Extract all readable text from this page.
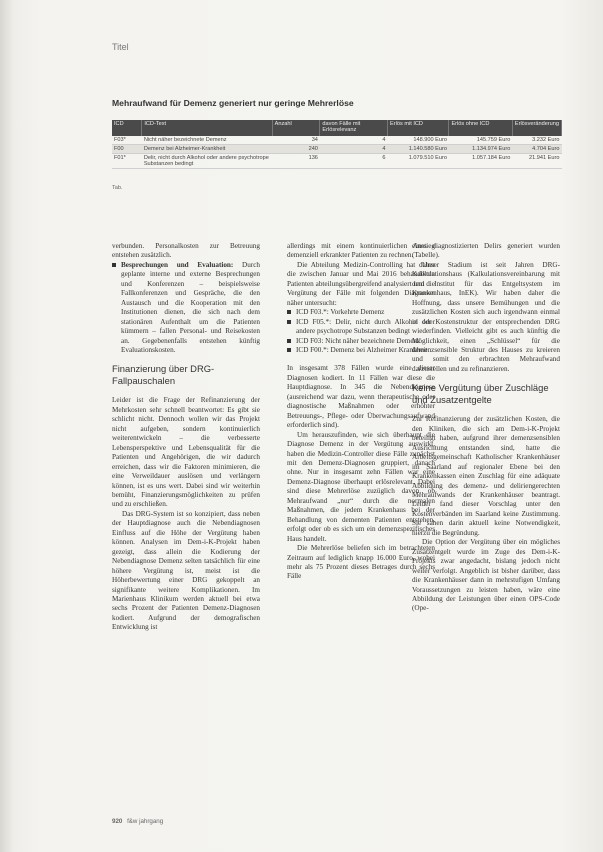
Titel
Mehraufwand für Demenz generiert nur geringe Mehrerlöse
ICD	ICD-Text	Anzahl	davon Fälle mit Erlösrelevanz	Erlös mit ICD	Erlös ohne ICD	Erlösveränderung
F03*	Nicht näher bezeichnete Demenz	34	4	148.900 Euro	145.759 Euro	3.232 Euro
F00	Demenz bei Alzheimer-Krankheit	240	4	1.140.580 Euro	1.134.974 Euro	4.704 Euro
F01*	Delir, nicht durch Alkohol oder andere psychotrope Substanzen bedingt	136	6	1.079.510 Euro	1.057.184 Euro	21.941 Euro
Tab.

verbunden. Personalkosten zur Betreuung entstehen zusätzlich.

Besprechungen und Evaluation: Durch geplante interne und externe Besprechungen und Konferenzen – beispielsweise Fallkonferenzen und Gespräche, die den Austausch und die Kooperation mit den Institutionen dienen, die sich nach dem stationären Aufenthalt um die Patienten kümmern – fallen Personal- und Reisekosten an. Gegebenenfalls entstehen künftig Evaluationskosten.
Finanzierung über DRG-Fallpauschalen

Leider ist die Frage der Refinanzierung der Mehrkosten sehr schnell beantwortet: Es gibt sie schlicht nicht. Dennoch wollen wir das Projekt nicht aufgeben, sondern kontinuierlich weiterentwickeln – die verbesserte Lebensperspektive und Lebensqualität für die Patienten und Angehörigen, die wir dadurch erreichen, dass wir die Faktoren minimieren, die eine Verweildauer auslösen und verlängern können, ist es uns wert. Dabei sind wir weiterhin bemüht, Finanzierungsmöglichkeiten zu prüfen und zu erschließen.

Das DRG-System ist so konzipiert, dass neben der Hauptdiagnose auch die Nebendiagnosen Einfluss auf die Höhe der Vergütung haben können. Analysen im Dem-i-K-Projekt haben gezeigt, dass allein die Kodierung der Nebendiagnose Demenz selten tatsächlich für eine höhere Vergütung ist, meist ist die Höherbewertung einer DRG gekoppelt an signifikante weitere Komplikationen. Im Marienhaus Klinikum werden aktuell bei etwa sechs Prozent der Patienten Demenz-Diagnosen kodiert. Aufgrund der demografischen Entwicklung ist

allerdings mit einem kontinuierlichen Anstieg demenziell erkrankter Patienten zu rechnen.

Die Abteilung Medizin-Controlling hat daher die zwischen Januar und Mai 2016 behandelten Patienten abteilungsübergreifend analysiert und die Vergütung der Fälle mit folgenden Diagnosen näher untersucht:

ICD F03.*: Vorkehrte Demenz
ICD F05.*: Delir, nicht durch Alkohol oder andere psychotrope Substanzen bedingt
ICD F03: Nicht näher bezeichnete Demenz
ICD F00.*: Demenz bei Alzheimer Krankheit

In insgesamt 378 Fällen wurde eine dieser Diagnosen kodiert. In 11 Fällen war diese die Hauptdiagnose. In 345 die Nebendiagnose (ausreichend war dazu, wenn therapeutische oder diagnostische Maßnahmen oder erhöhter Betreuungs-, Pflege- oder Überwachungsaufwand erforderlich sind).

Um herauszufinden, wie sich überhaupt die Diagnose Demenz in der Vergütung auswirkt, haben die Medizin-Controller diese Fälle zunächst mit den Demenz-Diagnosen gruppiert, danach ohne. Nur in insgesamt zehn Fällen war eine Demenz-Diagnose überhaupt erlösrelevant. Dabei sind diese Mehrerlöse zuzüglich davon, ob Mehraufwand „nur“ durch die normalen Maßnahmen, die jedem Krankenhaus bei der Behandlung von dementen Patienten entstehen, erfolgt oder ob es sich um ein demenzspezifisches Haus handelt.

Die Mehrerlöse beliefen sich im betrachteten Zeitraum auf lediglich knapp 16.000 Euro, wobei mehr als 75 Prozent dieses Betrages durch sechs Fälle

eines diagnostizierten Delirs generiert wurden (Tabelle).

Unser Stadium ist seit Jahren DRG-Kalkulationshaus (Kalkulationsvereinbarung mit dem Institut für das Entgeltsystem im Krankenhaus, InEK). Wir haben daher die Hoffnung, dass unsere Bemühungen und die zusätzlichen Kosten sich auch irgendwann einmal in der Kostenstruktur der entsprechenden DRG wiederfinden. Vielleicht gibt es auch künftig die Möglichkeit, einen „Schlüssel“ für die demenzsensible Struktur des Hauses zu kreieren und somit den erbrachten Mehraufwand darzustellen und zu refinanzieren.

Keine Vergütung über Zuschläge und Zusatzentgelte

Zur Refinanzierung der zusätzlichen Kosten, die den Kliniken, die sich am Dem-i-K-Projekt beteiligt haben, aufgrund ihrer demenzsensiblen Ausrichtung entstanden sind, hatte die Arbeitsgemeinschaft Katholischer Krankenhäuser im Saarland auf regionaler Ebene bei den Krankenkassen einen Zuschlag für eine adäquate Abbildung des demenz- und deliriengerechten Mehraufwands der Krankenhäuser beantragt. Leider fand dieser Vorschlag unter den Kostenverbänden im Saarland keine Zustimmung. Sie sahen darin aktuell keine Notwendigkeit, hierzu die Begründung.

Die Option der Vergütung über ein mögliches Zusatzentgelt wurde im Zuge des Dem-i-K-Projekts zwar angedacht, bislang jedoch nicht weiter verfolgt. Angeblich ist bisher darüber, dass die Krankenhäuser dann in mehrstufigen Umfang Voraussetzungen zu leisten haben, wäre eine Abbildung der Leistungen über einen OPS-Code (Ope-

920 f&w jahrgang
